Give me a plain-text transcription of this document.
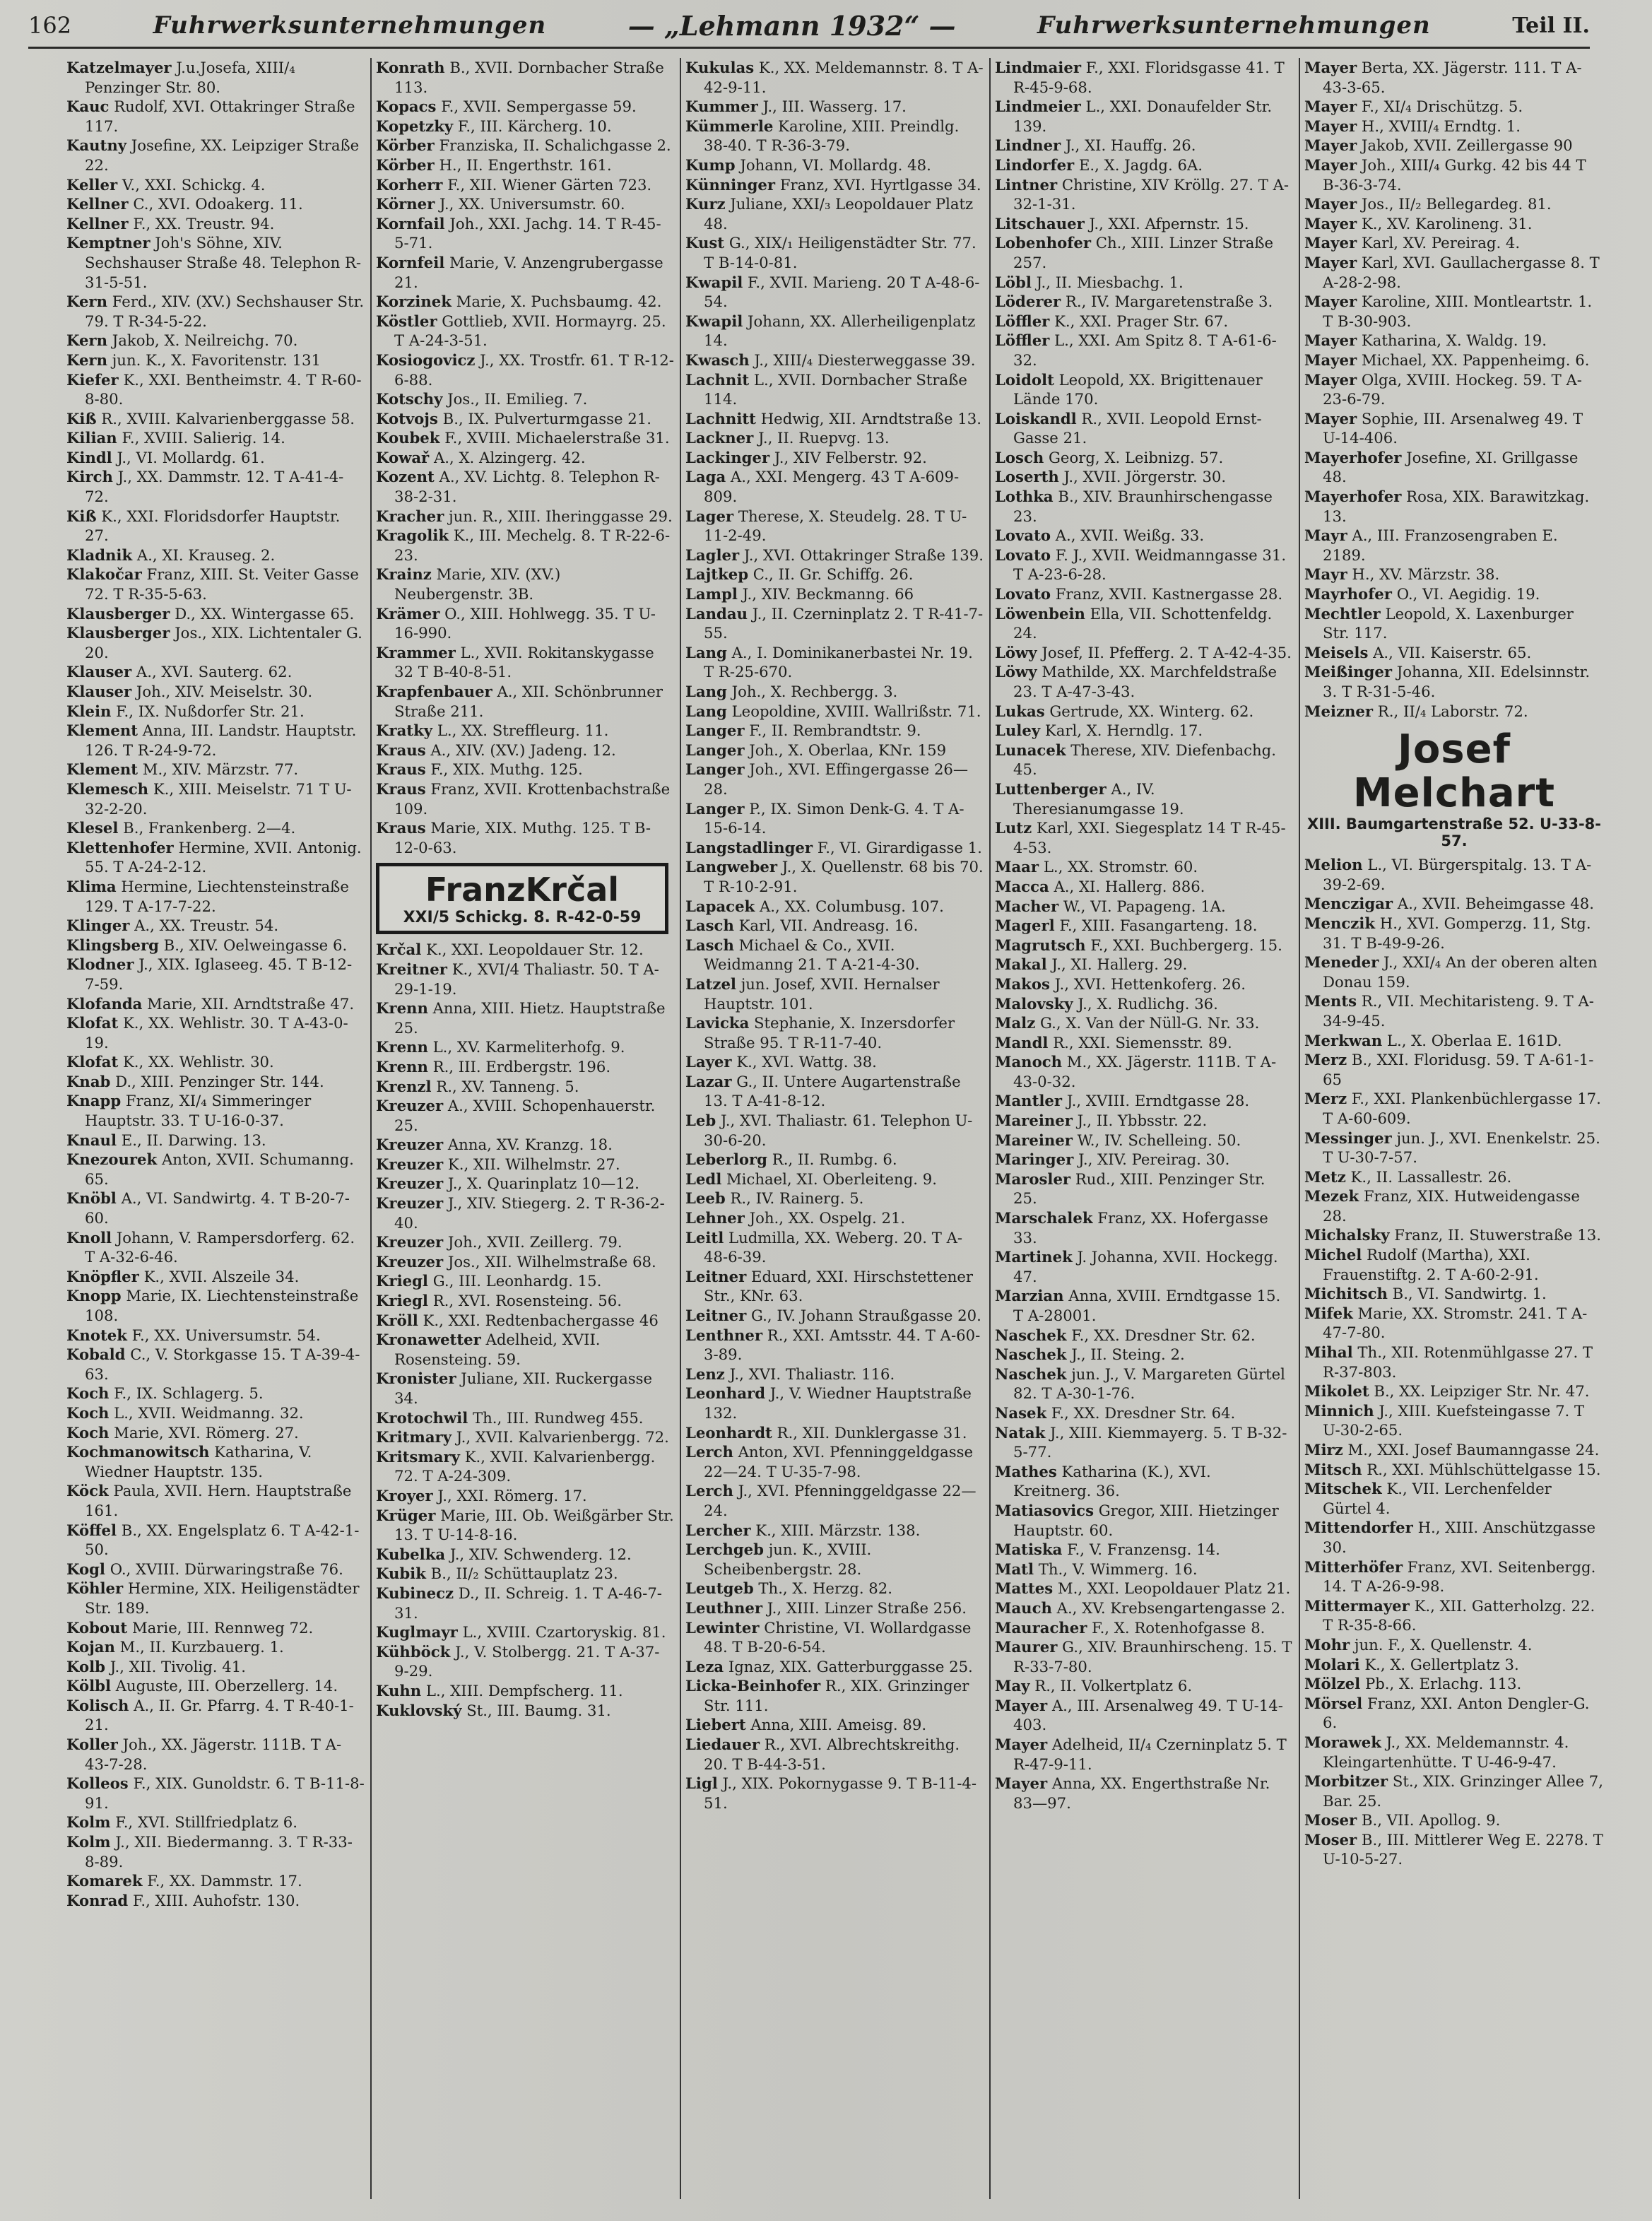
162	Fuhrwerksunternehmungen	— „Lehmann 1932“ —	Fuhrwerksunternehmungen	Teil II.
Katzelmayer J.u.Josefa, XIII/₄ Penzinger Str. 80.
Kauc Rudolf, XVI. Ottakringer Straße 117.
Kautny Josefine, XX. Leipziger Straße 22.
Keller V., XXI. Schickg. 4.
Kellner C., XVI. Odoakerg. 11.
Kellner F., XX. Treustr. 94.
Kemptner Joh's Söhne, XIV. Sechshauser Straße 48. Telephon R-31-5-51.
Kern Ferd., XIV. (XV.) Sechshauser Str. 79. T R-34-5-22.
Kern Jakob, X. Neilreichg. 70.
Kern jun. K., X. Favoritenstr. 131
Kiefer K., XXI. Bentheimstr. 4. T R-60-8-80.
Kiß R., XVIII. Kalvarienberggasse 58.
Kilian F., XVIII. Salierig. 14.
Kindl J., VI. Mollardg. 61.
Kirch J., XX. Dammstr. 12. T A-41-4-72.
Kiß K., XXI. Floridsdorfer Hauptstr. 27.
Kladnik A., XI. Krauseg. 2.
Klakočar Franz, XIII. St. Veiter Gasse 72. T R-35-5-63.
Klausberger D., XX. Wintergasse 65.
Klausberger Jos., XIX. Lichtentaler G. 20.
Klauser A., XVI. Sauterg. 62.
Klauser Joh., XIV. Meiselstr. 30.
Klein F., IX. Nußdorfer Str. 21.
Klement Anna, III. Landstr. Hauptstr. 126. T R-24-9-72.
Klement M., XIV. Märzstr. 77.
Klemesch K., XIII. Meiselstr. 71 T U-32-2-20.
Klesel B., Frankenberg. 2—4.
Klettenhofer Hermine, XVII. Antonig. 55. T A-24-2-12.
Klima Hermine, Liechtensteinstraße 129. T A-17-7-22.
Klinger A., XX. Treustr. 54.
Klingsberg B., XIV. Oelweingasse 6.
Klodner J., XIX. Iglaseeg. 45. T B-12-7-59.
Klofanda Marie, XII. Arndtstraße 47.
Klofat K., XX. Wehlistr. 30. T A-43-0-19.
Klofat K., XX. Wehlistr. 30.
Knab D., XIII. Penzinger Str. 144.
Knapp Franz, XI/₄ Simmeringer Hauptstr. 33. T U-16-0-37.
Knaul E., II. Darwing. 13.
Knezourek Anton, XVII. Schumanng. 65.
Knöbl A., VI. Sandwirtg. 4. T B-20-7-60.
Knoll Johann, V. Rampersdorferg. 62. T A-32-6-46.
Knöpfler K., XVII. Alszeile 34.
Knopp Marie, IX. Liechtensteinstraße 108.
Knotek F., XX. Universumstr. 54.
Kobald C., V. Storkgasse 15. T A-39-4-63.
Koch F., IX. Schlagerg. 5.
Koch L., XVII. Weidmanng. 32.
Koch Marie, XVI. Römerg. 27.
Kochmanowitsch Katharina, V. Wiedner Hauptstr. 135.
Köck Paula, XVII. Hern. Hauptstraße 161.
Köffel B., XX. Engelsplatz 6. T A-42-1-50.
Kogl O., XVIII. Dürwaringstraße 76.
Köhler Hermine, XIX. Heiligenstädter Str. 189.
Kobout Marie, III. Rennweg 72.
Kojan M., II. Kurzbauerg. 1.
Kolb J., XII. Tivolig. 41.
Kölbl Auguste, III. Oberzellerg. 14.
Kolisch A., II. Gr. Pfarrg. 4. T R-40-1-21.
Koller Joh., XX. Jägerstr. 111B. T A-43-7-28.
Kolleos F., XIX. Gunoldstr. 6. T B-11-8-91.
Kolm F., XVI. Stillfriedplatz 6.
Kolm J., XII. Biedermanng. 3. T R-33-8-89.
Komarek F., XX. Dammstr. 17.
Konrad F., XIII. Auhofstr. 130.
Konrath B., XVII. Dornbacher Straße 113.
Kopacs F., XVII. Sempergasse 59.
Kopetzky F., III. Kärcherg. 10.
Körber Franziska, II. Schalichgasse 2.
Körber H., II. Engerthstr. 161.
Korherr F., XII. Wiener Gärten 723.
Körner J., XX. Universumstr. 60.
Kornfail Joh., XXI. Jachg. 14. T R-45-5-71.
Kornfeil Marie, V. Anzengrubergasse 21.
Korzinek Marie, X. Puchsbaumg. 42.
Köstler Gottlieb, XVII. Hormayrg. 25. T A-24-3-51.
Kosiogovicz J., XX. Trostfr. 61. T R-12-6-88.
Kotschy Jos., II. Emilieg. 7.
Kotvojs B., IX. Pulverturmgasse 21.
Koubek F., XVIII. Michaelerstraße 31.
Kowař A., X. Alzingerg. 42.
Kozent A., XV. Lichtg. 8. Telephon R-38-2-31.
Kracher jun. R., XIII. Iheringgasse 29.
Kragolik K., III. Mechelg. 8. T R-22-6-23.
Krainz Marie, XIV. (XV.) Neubergenstr. 3B.
Krämer O., XIII. Hohlwegg. 35. T U-16-990.
Krammer L., XVII. Rokitanskygasse 32 T B-40-8-51.
Krapfenbauer A., XII. Schönbrunner Straße 211.
Kratky L., XX. Streffleurg. 11.
Kraus A., XIV. (XV.) Jadeng. 12.
Kraus F., XIX. Muthg. 125.
Kraus Franz, XVII. Krottenbachstraße 109.
Kraus Marie, XIX. Muthg. 125. T B-12-0-63.
FranzKrčal
XXI/5 Schickg. 8. R-42-0-59
Krčal K., XXI. Leopoldauer Str. 12.
Kreitner K., XVI/4 Thaliastr. 50. T A-29-1-19.
Krenn Anna, XIII. Hietz. Hauptstraße 25.
Krenn L., XV. Karmeliterhofg. 9.
Krenn R., III. Erdbergstr. 196.
Krenzl R., XV. Tanneng. 5.
Kreuzer A., XVIII. Schopenhauerstr. 25.
Kreuzer Anna, XV. Kranzg. 18.
Kreuzer K., XII. Wilhelmstr. 27.
Kreuzer J., X. Quarinplatz 10—12.
Kreuzer J., XIV. Stiegerg. 2. T R-36-2-40.
Kreuzer Joh., XVII. Zeillerg. 79.
Kreuzer Jos., XII. Wilhelmstraße 68.
Kriegl G., III. Leonhardg. 15.
Kriegl R., XVI. Rosensteing. 56.
Kröll K., XXI. Redtenbachergasse 46
Kronawetter Adelheid, XVII. Rosensteing. 59.
Kronister Juliane, XII. Ruckergasse 34.
Krotochwil Th., III. Rundweg 455.
Kritmary J., XVII. Kalvarienbergg. 72.
Kritsmary K., XVII. Kalvarienbergg. 72. T A-24-309.
Kroyer J., XXI. Römerg. 17.
Krüger Marie, III. Ob. Weißgärber Str. 13. T U-14-8-16.
Kubelka J., XIV. Schwenderg. 12.
Kubik B., II/₂ Schüttauplatz 23.
Kubinecz D., II. Schreig. 1. T A-46-7-31.
Kuglmayr L., XVIII. Czartoryskig. 81.
Kühböck J., V. Stolbergg. 21. T A-37-9-29.
Kuhn L., XIII. Dempfscherg. 11.
Kuklovský St., III. Baumg. 31.
Kukulas K., XX. Meldemannstr. 8. T A-42-9-11.
Kummer J., III. Wasserg. 17.
Kümmerle Karoline, XIII. Preindlg. 38-40. T R-36-3-79.
Kump Johann, VI. Mollardg. 48.
Künninger Franz, XVI. Hyrtlgasse 34.
Kurz Juliane, XXI/₃ Leopoldauer Platz 48.
Kust G., XIX/₁ Heiligenstädter Str. 77. T B-14-0-81.
Kwapil F., XVII. Marieng. 20 T A-48-6-54.
Kwapil Johann, XX. Allerheiligenplatz 14.
Kwasch J., XIII/₄ Diesterweggasse 39.
Lachnit L., XVII. Dornbacher Straße 114.
Lachnitt Hedwig, XII. Arndtstraße 13.
Lackner J., II. Ruepvg. 13.
Lackinger J., XIV Felberstr. 92.
Laga A., XXI. Mengerg. 43 T A-609-809.
Lager Therese, X. Steudelg. 28. T U-11-2-49.
Lagler J., XVI. Ottakringer Straße 139.
Lajtkep C., II. Gr. Schiffg. 26.
Lampl J., XIV. Beckmanng. 66
Landau J., II. Czerninplatz 2. T R-41-7-55.
Lang A., I. Dominikanerbastei Nr. 19. T R-25-670.
Lang Joh., X. Rechbergg. 3.
Lang Leopoldine, XVIII. Wallrißstr. 71.
Langer F., II. Rembrandtstr. 9.
Langer Joh., X. Oberlaa, KNr. 159
Langer Joh., XVI. Effingergasse 26—28.
Langer P., IX. Simon Denk-G. 4. T A-15-6-14.
Langstadlinger F., VI. Girardigasse 1.
Langweber J., X. Quellenstr. 68 bis 70. T R-10-2-91.
Lapacek A., XX. Columbusg. 107.
Lasch Karl, VII. Andreasg. 16.
Lasch Michael & Co., XVII. Weidmanng 21. T A-21-4-30.
Latzel jun. Josef, XVII. Hernalser Hauptstr. 101.
Lavicka Stephanie, X. Inzersdorfer Straße 95. T R-11-7-40.
Layer K., XVI. Wattg. 38.
Lazar G., II. Untere Augartenstraße 13. T A-41-8-12.
Leb J., XVI. Thaliastr. 61. Telephon U-30-6-20.
Leberlorg R., II. Rumbg. 6.
Ledl Michael, XI. Oberleiteng. 9.
Leeb R., IV. Rainerg. 5.
Lehner Joh., XX. Ospelg. 21.
Leitl Ludmilla, XX. Weberg. 20. T A-48-6-39.
Leitner Eduard, XXI. Hirschstettener Str., KNr. 63.
Leitner G., IV. Johann Straußgasse 20.
Lenthner R., XXI. Amtsstr. 44. T A-60-3-89.
Lenz J., XVI. Thaliastr. 116.
Leonhard J., V. Wiedner Hauptstraße 132.
Leonhardt R., XII. Dunklergasse 31.
Lerch Anton, XVI. Pfenninggeldgasse 22—24. T U-35-7-98.
Lerch J., XVI. Pfenninggeldgasse 22—24.
Lercher K., XIII. Märzstr. 138.
Lerchgeb jun. K., XVIII. Scheibenbergstr. 28.
Leutgeb Th., X. Herzg. 82.
Leuthner J., XIII. Linzer Straße 256.
Lewinter Christine, VI. Wollardgasse 48. T B-20-6-54.
Leza Ignaz, XIX. Gatterburggasse 25.
Licka-Beinhofer R., XIX. Grinzinger Str. 111.
Liebert Anna, XIII. Ameisg. 89.
Liedauer R., XVI. Albrechtskreithg. 20. T B-44-3-51.
Ligl J., XIX. Pokornygasse 9. T B-11-4-51.
Lindmaier F., XXI. Floridsgasse 41. T R-45-9-68.
Lindmeier L., XXI. Donaufelder Str. 139.
Lindner J., XI. Hauffg. 26.
Lindorfer E., X. Jagdg. 6A.
Lintner Christine, XIV Kröllg. 27. T A-32-1-31.
Litschauer J., XXI. Afpernstr. 15.
Lobenhofer Ch., XIII. Linzer Straße 257.
Löbl J., II. Miesbachg. 1.
Löderer R., IV. Margaretenstraße 3.
Löffler K., XXI. Prager Str. 67.
Löffler L., XXI. Am Spitz 8. T A-61-6-32.
Loidolt Leopold, XX. Brigittenauer Lände 170.
Loiskandl R., XVII. Leopold Ernst-Gasse 21.
Losch Georg, X. Leibnizg. 57.
Loserth J., XVII. Jörgerstr. 30.
Lothka B., XIV. Braunhirschengasse 23.
Lovato A., XVII. Weißg. 33.
Lovato F. J., XVII. Weidmanngasse 31. T A-23-6-28.
Lovato Franz, XVII. Kastnergasse 28.
Löwenbein Ella, VII. Schottenfeldg. 24.
Löwy Josef, II. Pfefferg. 2. T A-42-4-35.
Löwy Mathilde, XX. Marchfeldstraße 23. T A-47-3-43.
Lukas Gertrude, XX. Winterg. 62.
Luley Karl, X. Herndlg. 17.
Lunacek Therese, XIV. Diefenbachg. 45.
Luttenberger A., IV. Theresianumgasse 19.
Lutz Karl, XXI. Siegesplatz 14 T R-45-4-53.
Maar L., XX. Stromstr. 60.
Macca A., XI. Hallerg. 886.
Macher W., VI. Papageng. 1A.
Magerl F., XIII. Fasangarteng. 18.
Magrutsch F., XXI. Buchbergerg. 15.
Makal J., XI. Hallerg. 29.
Makos J., XVI. Hettenkoferg. 26.
Malovsky J., X. Rudlichg. 36.
Malz G., X. Van der Nüll-G. Nr. 33.
Mandl R., XXI. Siemensstr. 89.
Manoch M., XX. Jägerstr. 111B. T A-43-0-32.
Mantler J., XVIII. Erndtgasse 28.
Mareiner J., II. Ybbsstr. 22.
Mareiner W., IV. Schelleing. 50.
Maringer J., XIV. Pereirag. 30.
Marosler Rud., XIII. Penzinger Str. 25.
Marschalek Franz, XX. Hofergasse 33.
Martinek J. Johanna, XVII. Hockegg. 47.
Marzian Anna, XVIII. Erndtgasse 15. T A-28001.
Naschek F., XX. Dresdner Str. 62.
Naschek J., II. Steing. 2.
Naschek jun. J., V. Margareten Gürtel 82. T A-30-1-76.
Nasek F., XX. Dresdner Str. 64.
Natak J., XIII. Kiemmayerg. 5. T B-32-5-77.
Mathes Katharina (K.), XVI. Kreitnerg. 36.
Matiasovics Gregor, XIII. Hietzinger Hauptstr. 60.
Matiska F., V. Franzensg. 14.
Matl Th., V. Wimmerg. 16.
Mattes M., XXI. Leopoldauer Platz 21.
Mauch A., XV. Krebsengartengasse 2.
Mauracher F., X. Rotenhofgasse 8.
Maurer G., XIV. Braunhirscheng. 15. T R-33-7-80.
May R., II. Volkertplatz 6.
Mayer A., III. Arsenalweg 49. T U-14-403.
Mayer Adelheid, II/₄ Czerninplatz 5. T R-47-9-11.
Mayer Anna, XX. Engerthstraße Nr. 83—97.
Mayer Berta, XX. Jägerstr. 111. T A-43-3-65.
Mayer F., XI/₄ Drischützg. 5.
Mayer H., XVIII/₄ Erndtg. 1.
Mayer Jakob, XVII. Zeillergasse 90
Mayer Joh., XIII/₄ Gurkg. 42 bis 44 T B-36-3-74.
Mayer Jos., II/₂ Bellegardeg. 81.
Mayer K., XV. Karolineng. 31.
Mayer Karl, XV. Pereirag. 4.
Mayer Karl, XVI. Gaullachergasse 8. T A-28-2-98.
Mayer Karoline, XIII. Montleartstr. 1. T B-30-903.
Mayer Katharina, X. Waldg. 19.
Mayer Michael, XX. Pappenheimg. 6.
Mayer Olga, XVIII. Hockeg. 59. T A-23-6-79.
Mayer Sophie, III. Arsenalweg 49. T U-14-406.
Mayerhofer Josefine, XI. Grillgasse 48.
Mayerhofer Rosa, XIX. Barawitzkag. 13.
Mayr A., III. Franzosengraben E. 2189.
Mayr H., XV. Märzstr. 38.
Mayrhofer O., VI. Aegidig. 19.
Mechtler Leopold, X. Laxenburger Str. 117.
Meisels A., VII. Kaiserstr. 65.
Meißinger Johanna, XII. Edelsinnstr. 3. T R-31-5-46.
Meizner R., II/₄ Laborstr. 72.
Josef Melchart
XIII. Baumgartenstraße 52. U-33-8-57.
Melion L., VI. Bürgerspitalg. 13. T A-39-2-69.
Menczigar A., XVII. Beheimgasse 48.
Menczik H., XVI. Gomperzg. 11, Stg. 31. T B-49-9-26.
Meneder J., XXI/₄ An der oberen alten Donau 159.
Ments R., VII. Mechitaristeng. 9. T A-34-9-45.
Merkwan L., X. Oberlaa E. 161D.
Merz B., XXI. Floridusg. 59. T A-61-1-65
Merz F., XXI. Plankenbüchlergasse 17. T A-60-609.
Messinger jun. J., XVI. Enenkelstr. 25. T U-30-7-57.
Metz K., II. Lassallestr. 26.
Mezek Franz, XIX. Hutweidengasse 28.
Michalsky Franz, II. Stuwerstraße 13.
Michel Rudolf (Martha), XXI. Frauenstiftg. 2. T A-60-2-91.
Michitsch B., VI. Sandwirtg. 1.
Mifek Marie, XX. Stromstr. 241. T A-47-7-80.
Mihal Th., XII. Rotenmühlgasse 27. T R-37-803.
Mikolet B., XX. Leipziger Str. Nr. 47.
Minnich J., XIII. Kuefsteingasse 7. T U-30-2-65.
Mirz M., XXI. Josef Baumanngasse 24.
Mitsch R., XXI. Mühlschüttelgasse 15.
Mitschek K., VII. Lerchenfelder Gürtel 4.
Mittendorfer H., XIII. Anschützgasse 30.
Mitterhöfer Franz, XVI. Seitenbergg. 14. T A-26-9-98.
Mittermayer K., XII. Gatterholzg. 22. T R-35-8-66.
Mohr jun. F., X. Quellenstr. 4.
Molari K., X. Gellertplatz 3.
Mölzel Pb., X. Erlachg. 113.
Mörsel Franz, XXI. Anton Dengler-G. 6.
Morawek J., XX. Meldemannstr. 4. Kleingartenhütte. T U-46-9-47.
Morbitzer St., XIX. Grinzinger Allee 7, Bar. 25.
Moser B., VII. Apollog. 9.
Moser B., III. Mittlerer Weg E. 2278. T U-10-5-27.
